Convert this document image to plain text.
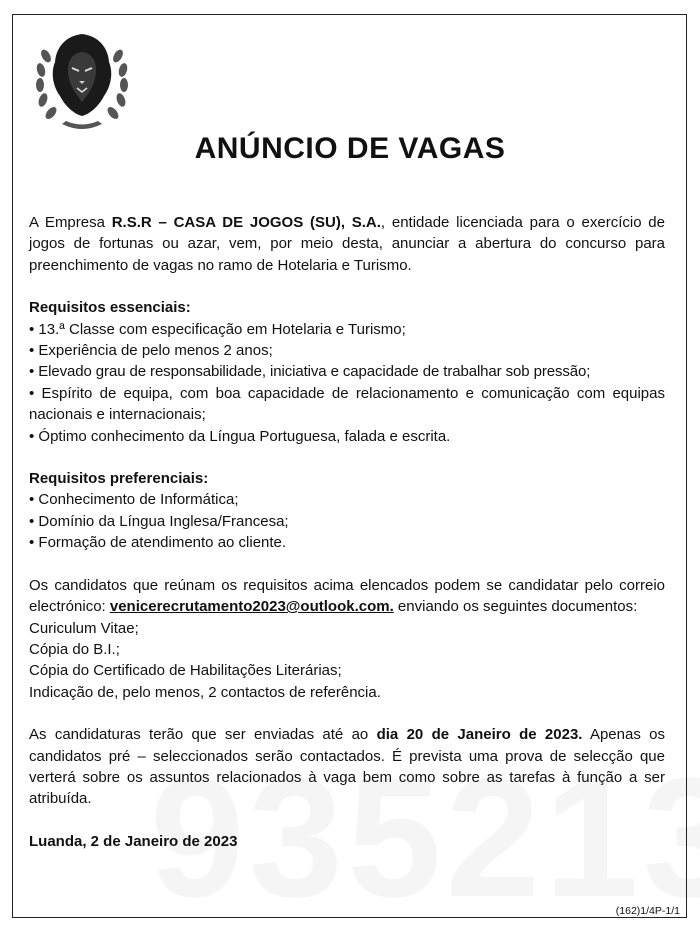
ANÚNCIO DE VAGAS

A Empresa R.S.R – CASA DE JOGOS (SU), S.A., entidade licenciada para o exercício de jogos de fortunas ou azar, vem, por meio desta, anunciar a abertura do concurso para preenchimento de vagas no ramo de Hotelaria e Turismo.

Requisitos essenciais:

• 13.ª Classe com especificação em Hotelaria e Turismo;

• Experiência de pelo menos 2 anos;

• Elevado grau de responsabilidade, iniciativa e capacidade de trabalhar sob pressão;

• Espírito de equipa, com boa capacidade de relacionamento e comunicação com equipas nacionais e internacionais;

• Óptimo conhecimento da Língua Portuguesa, falada e escrita.

Requisitos preferenciais:

• Conhecimento de Informática;

• Domínio da Língua Inglesa/Francesa;

• Formação de atendimento ao cliente.

Os candidatos que reúnam os requisitos acima elencados podem se candidatar pelo correio electrónico: venicerecrutamento2023@outlook.com. enviando os seguintes documentos:

Curiculum Vitae;

Cópia do B.I.;

Cópia do Certificado de Habilitações Literárias;

Indicação de, pelo menos, 2 contactos de referência.

As candidaturas terão que ser enviadas até ao dia 20 de Janeiro de 2023. Apenas os candidatos pré – seleccionados serão contactados. É prevista uma prova de selecção que verterá sobre os assuntos relacionados à vaga bem como sobre as tarefas à função a ser atribuída.

Luanda, 2 de Janeiro de 2023

(162)1/4P-1/1
